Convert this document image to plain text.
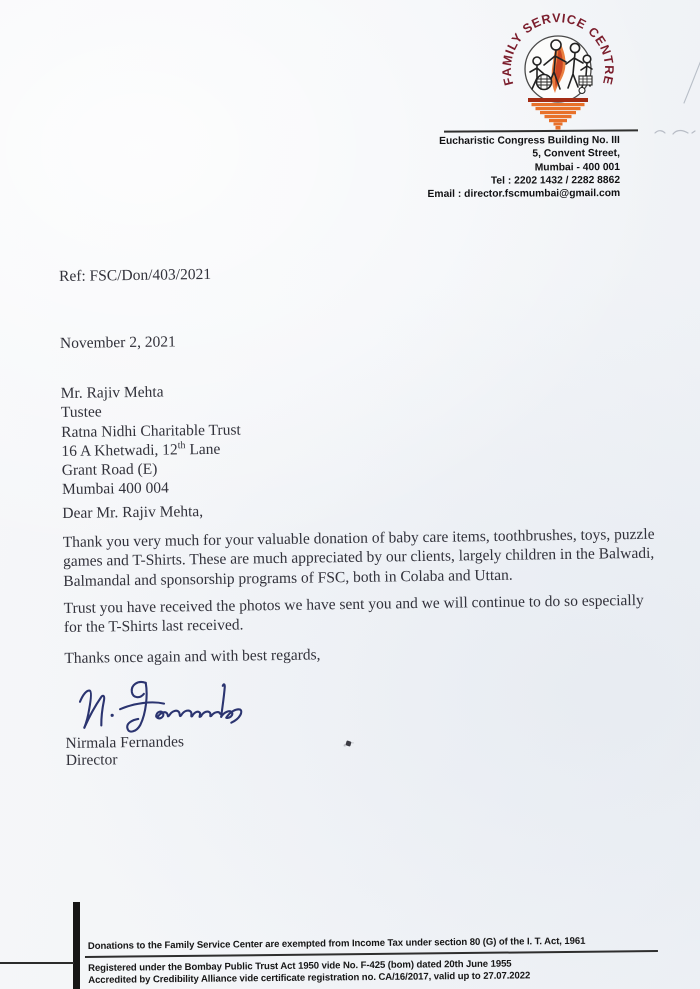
FAMILY SERVICE CENTRE
Eucharistic Congress Building No. III
5, Convent Street,
Mumbai - 400 001
Tel : 2202 1432 / 2282 8862
Email : director.fscmumbai@gmail.com
Ref: FSC/Don/403/2021
November 2, 2021
Mr. Rajiv Mehta
Tustee
Ratna Nidhi Charitable Trust
16 A Khetwadi, 12th Lane
Grant Road (E)
Mumbai 400 004
Dear Mr. Rajiv Mehta,
Thank you very much for your valuable donation of baby care items, toothbrushes, toys, puzzle
games and T-Shirts. These are much appreciated by our clients, largely children in the Balwadi,
Balmandal and sponsorship programs of FSC, both in Colaba and Uttan.
Trust you have received the photos we have sent you and we will continue to do so especially
for the T-Shirts last received.
Thanks once again and with best regards,
Nirmala Fernandes
Director
Donations to the Family Service Center are exempted from Income Tax under section 80 (G) of the I. T. Act, 1961
Registered under the Bombay Public Trust Act 1950 vide No. F-425 (bom) dated 20th June 1955
Accredited by Credibility Alliance vide certificate registration no. CA/16/2017, valid up to 27.07.2022
